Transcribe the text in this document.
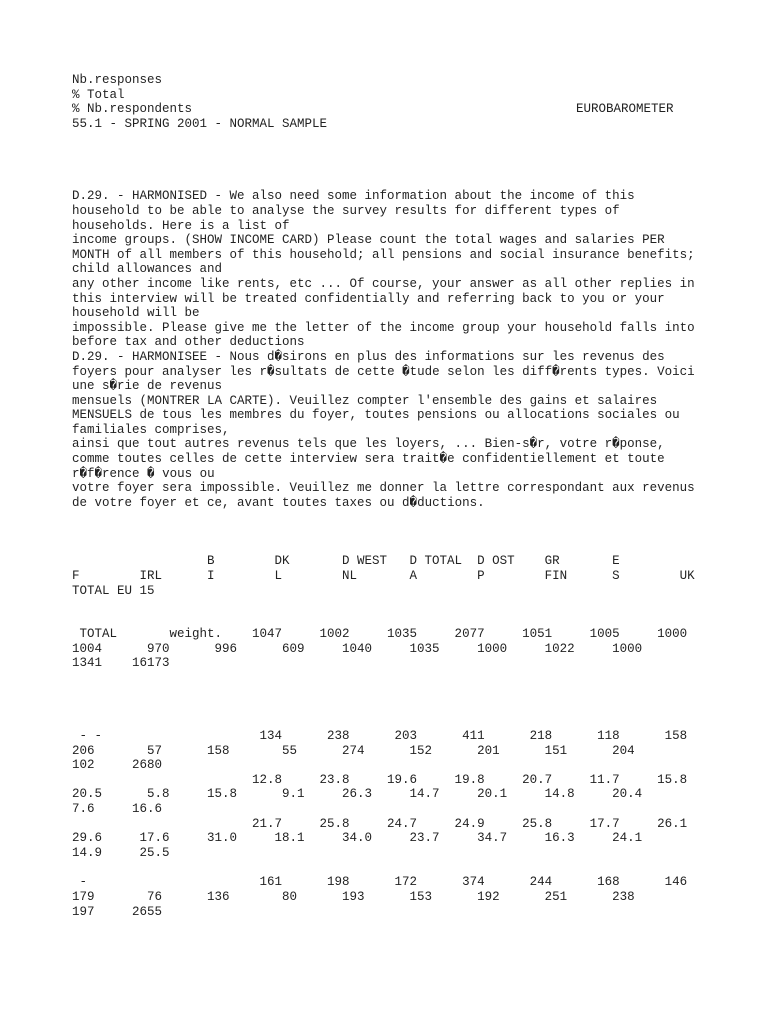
Nb.responses
% Total
% Nb.respondents
55.1 - SPRING 2001 - NORMAL SAMPLE
EUROBAROMETER
D.29. - HARMONISED - We also need some information about the income of this
household to be able to analyse the survey results for different types of
households. Here is a list of
income groups. (SHOW INCOME CARD) Please count the total wages and salaries PER
MONTH of all members of this household; all pensions and social insurance benefits;
child allowances and
any other income like rents, etc ... Of course, your answer as all other replies in
this interview will be treated confidentially and referring back to you or your
household will be
impossible. Please give me the letter of the income group your household falls into
before tax and other deductions
D.29. - HARMONISEE - Nous d�sirons en plus des informations sur les revenus des
foyers pour analyser les r�sultats de cette �tude selon les diff�rents types. Voici
une s�rie de revenus
mensuels (MONTRER LA CARTE). Veuillez compter l'ensemble des gains et salaires
MENSUELS de tous les membres du foyer, toutes pensions ou allocations sociales ou
familiales comprises,
ainsi que tout autres revenus tels que les loyers, ... Bien-s�r, votre r�ponse,
comme toutes celles de cette interview sera trait�e confidentiellement et toute
r�f�rence � vous ou
votre foyer sera impossible. Veuillez me donner la lettre correspondant aux revenus
de votre foyer et ce, avant toutes taxes ou d�ductions.
B        DK       D WEST   D TOTAL  D OST    GR       E
F        IRL      I        L        NL       A        P        FIN      S        UK
TOTAL EU 15
TOTAL       weight.    1047     1002     1035     2077     1051     1005     1000
1004      970      996      609     1040     1035     1000     1022     1000
1341    16173
- -                     134      238      203      411      218      118      158
206       57      158       55      274      152      201      151      204
102     2680
12.8     23.8     19.6     19.8     20.7     11.7     15.8
20.5      5.8     15.8      9.1     26.3     14.7     20.1     14.8     20.4
7.6     16.6
21.7     25.8     24.7     24.9     25.8     17.7     26.1
29.6     17.6     31.0     18.1     34.0     23.7     34.7     16.3     24.1
14.9     25.5
-                       161      198      172      374      244      168      146
179       76      136       80      193      153      192      251      238
197     2655
